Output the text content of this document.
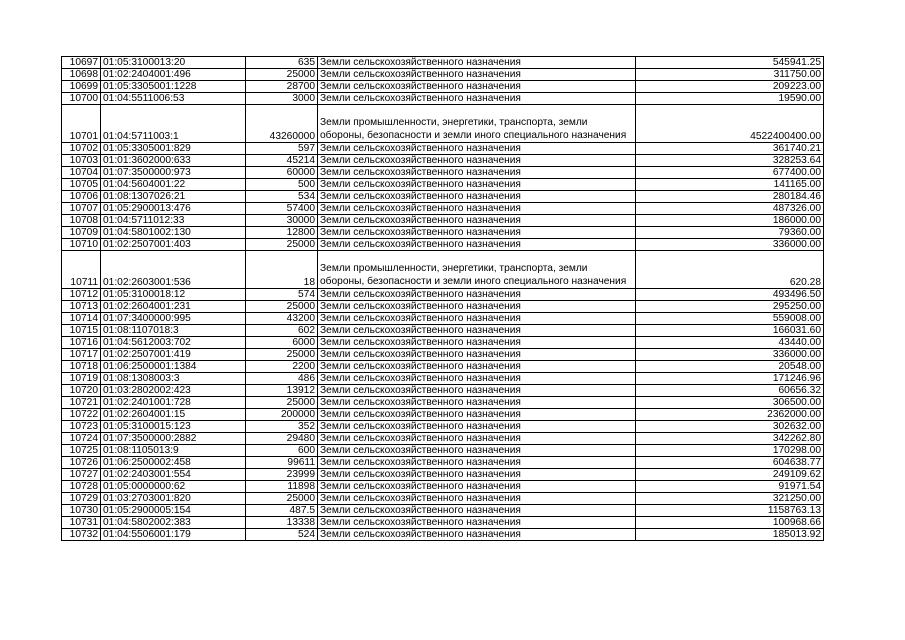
10697	01:05:3100013:20	635	Земли сельскохозяйственного назначения	545941.25
10698	01:02:2404001:496	25000	Земли сельскохозяйственного назначения	311750.00
10699	01:05:3305001:1228	28700	Земли сельскохозяйственного назначения	209223.00
10700	01:04:5511006:53	3000	Земли сельскохозяйственного назначения	19590.00
10701	01:04:5711003:1	43260000	Земли промышленности, энергетики, транспорта, земли обороны, безопасности и земли иного специального назначения	4522400400.00
10702	01:05:3305001:829	597	Земли сельскохозяйственного назначения	361740.21
10703	01:01:3602000:633	45214	Земли сельскохозяйственного назначения	328253.64
10704	01:07:3500000:973	60000	Земли сельскохозяйственного назначения	677400.00
10705	01:04:5604001:22	500	Земли сельскохозяйственного назначения	141165.00
10706	01:08:1307026:21	534	Земли сельскохозяйственного назначения	280184.46
10707	01:05:2900013:476	57400	Земли сельскохозяйственного назначения	487326.00
10708	01:04:5711012:33	30000	Земли сельскохозяйственного назначения	186000.00
10709	01:04:5801002:130	12800	Земли сельскохозяйственного назначения	79360.00
10710	01:02:2507001:403	25000	Земли сельскохозяйственного назначения	336000.00
10711	01:02:2603001:536	18	Земли промышленности, энергетики, транспорта, земли обороны, безопасности и земли иного специального назначения	620.28
10712	01:05:3100018:12	574	Земли сельскохозяйственного назначения	493496.50
10713	01:02:2604001:231	25000	Земли сельскохозяйственного назначения	295250.00
10714	01:07:3400000:995	43200	Земли сельскохозяйственного назначения	559008.00
10715	01:08:1107018:3	602	Земли сельскохозяйственного назначения	166031.60
10716	01:04:5612003:702	6000	Земли сельскохозяйственного назначения	43440.00
10717	01:02:2507001:419	25000	Земли сельскохозяйственного назначения	336000.00
10718	01:06:2500001:1384	2200	Земли сельскохозяйственного назначения	20548.00
10719	01:08:1308003:3	486	Земли сельскохозяйственного назначения	171246.96
10720	01:03:2802002:423	13912	Земли сельскохозяйственного назначения	60656.32
10721	01:02:2401001:728	25000	Земли сельскохозяйственного назначения	306500.00
10722	01:02:2604001:15	200000	Земли сельскохозяйственного назначения	2362000.00
10723	01:05:3100015:123	352	Земли сельскохозяйственного назначения	302632.00
10724	01:07:3500000:2882	29480	Земли сельскохозяйственного назначения	342262.80
10725	01:08:1105013:9	600	Земли сельскохозяйственного назначения	170298.00
10726	01:06:2500002:458	99611	Земли сельскохозяйственного назначения	604638.77
10727	01:02:2403001:554	23999	Земли сельскохозяйственного назначения	249109.62
10728	01:05:0000000:62	11898	Земли сельскохозяйственного назначения	91971.54
10729	01:03:2703001:820	25000	Земли сельскохозяйственного назначения	321250.00
10730	01:05:2900005:154	487.5	Земли сельскохозяйственного назначения	1158763.13
10731	01:04:5802002:383	13338	Земли сельскохозяйственного назначения	100968.66
10732	01:04:5506001:179	524	Земли сельскохозяйственного назначения	185013.92
